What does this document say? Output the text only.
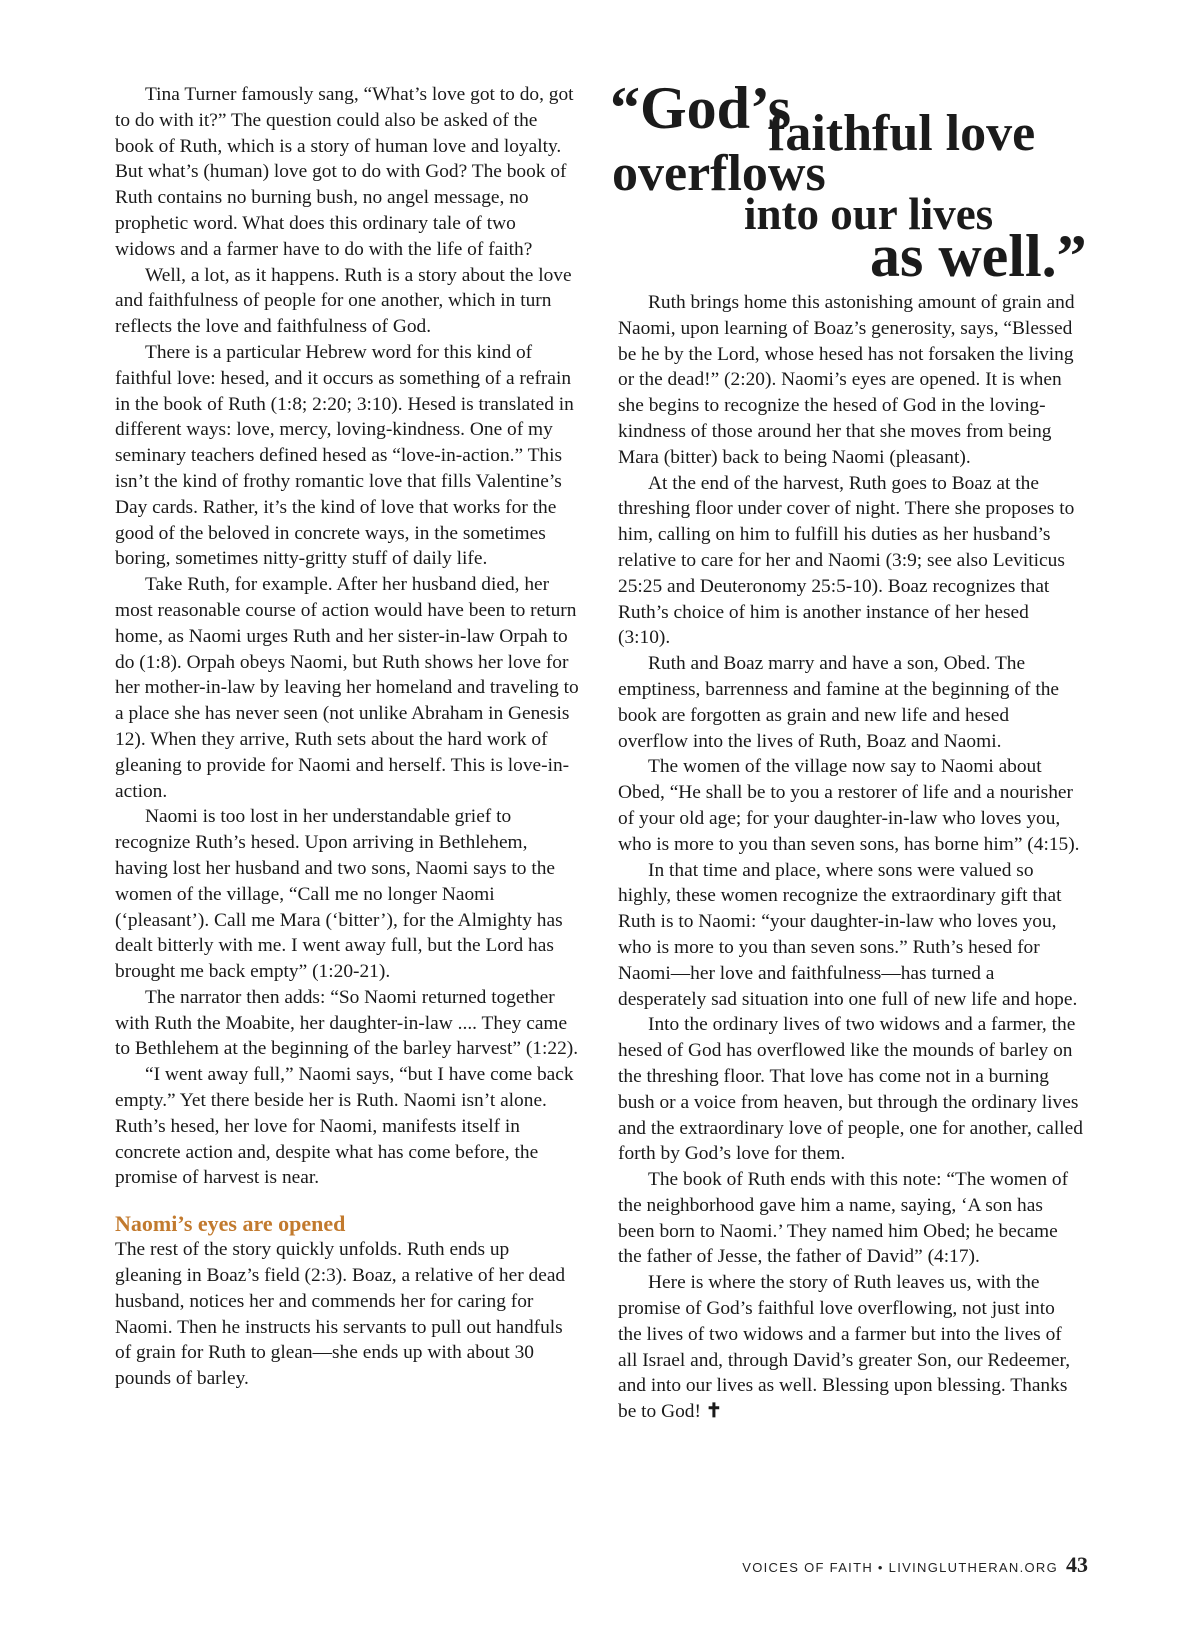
“God’s
faithful love
overflows
into our lives
as well.”

Tina Turner famously sang, “What’s love got to do, got to do with it?” The question could also be asked of the book of Ruth, which is a story of human love and loyalty. But what’s (human) love got to do with God? The book of Ruth contains no burning bush, no angel message, no prophetic word. What does this ordinary tale of two widows and a farmer have to do with the life of faith?

Well, a lot, as it happens. Ruth is a story about the love and faithfulness of people for one another, which in turn reflects the love and faithfulness of God.

There is a particular Hebrew word for this kind of faithful love: hesed, and it occurs as something of a refrain in the book of Ruth (1:8; 2:20; 3:10). Hesed is translated in different ways: love, mercy, loving-kindness. One of my seminary teachers defined hesed as “love-in-action.” This isn’t the kind of frothy romantic love that fills Valentine’s Day cards. Rather, it’s the kind of love that works for the good of the beloved in concrete ways, in the sometimes boring, sometimes nitty-gritty stuff of daily life.

Take Ruth, for example. After her husband died, her most reasonable course of action would have been to return home, as Naomi urges Ruth and her sister-in-law Orpah to do (1:8). Orpah obeys Naomi, but Ruth shows her love for her mother-in-law by leaving her homeland and traveling to a place she has never seen (not unlike Abraham in Genesis 12). When they arrive, Ruth sets about the hard work of gleaning to provide for Naomi and herself. This is love-in-action.

Naomi is too lost in her understandable grief to recognize Ruth’s hesed. Upon arriving in Bethlehem, having lost her husband and two sons, Naomi says to the women of the village, “Call me no longer Naomi (‘pleasant’). Call me Mara (‘bitter’), for the Almighty has dealt bitterly with me. I went away full, but the Lord has brought me back empty” (1:20-21).

The narrator then adds: “So Naomi returned together with Ruth the Moabite, her daughter-in-law .... They came to Bethlehem at the beginning of the barley harvest” (1:22).

“I went away full,” Naomi says, “but I have come back empty.” Yet there beside her is Ruth. Naomi isn’t alone. Ruth’s hesed, her love for Naomi, manifests itself in concrete action and, despite what has come before, the promise of harvest is near.

Naomi’s eyes are opened

The rest of the story quickly unfolds. Ruth ends up gleaning in Boaz’s field (2:3). Boaz, a relative of her dead husband, notices her and commends her for caring for Naomi. Then he instructs his servants to pull out handfuls of grain for Ruth to glean—she ends up with about 30 pounds of barley.

Ruth brings home this astonishing amount of grain and Naomi, upon learning of Boaz’s generosity, says, “Blessed be he by the Lord, whose hesed has not forsaken the living or the dead!” (2:20). Naomi’s eyes are opened. It is when she begins to recognize the hesed of God in the loving-kindness of those around her that she moves from being Mara (bitter) back to being Naomi (pleasant).

At the end of the harvest, Ruth goes to Boaz at the threshing floor under cover of night. There she proposes to him, calling on him to fulfill his duties as her husband’s relative to care for her and Naomi (3:9; see also Leviticus 25:25 and Deuteronomy 25:5-10). Boaz recognizes that Ruth’s choice of him is another instance of her hesed (3:10).

Ruth and Boaz marry and have a son, Obed. The emptiness, barrenness and famine at the beginning of the book are forgotten as grain and new life and hesed overflow into the lives of Ruth, Boaz and Naomi.

The women of the village now say to Naomi about Obed, “He shall be to you a restorer of life and a nourisher of your old age; for your daughter-in-law who loves you, who is more to you than seven sons, has borne him” (4:15).

In that time and place, where sons were valued so highly, these women recognize the extraordinary gift that Ruth is to Naomi: “your daughter-in-law who loves you, who is more to you than seven sons.” Ruth’s hesed for Naomi—her love and faithfulness—has turned a desperately sad situation into one full of new life and hope.

Into the ordinary lives of two widows and a farmer, the hesed of God has overflowed like the mounds of barley on the threshing floor. That love has come not in a burning bush or a voice from heaven, but through the ordinary lives and the extraordinary love of people, one for another, called forth by God’s love for them.

The book of Ruth ends with this note: “The women of the neighborhood gave him a name, saying, ‘A son has been born to Naomi.’ They named him Obed; he became the father of Jesse, the father of David” (4:17).

Here is where the story of Ruth leaves us, with the promise of God’s faithful love overflowing, not just into the lives of two widows and a farmer but into the lives of all Israel and, through David’s greater Son, our Redeemer, and into our lives as well. Blessing upon blessing. Thanks be to God! ✝

VOICES OF FAITH • LIVINGLUTHERAN.ORG 43
